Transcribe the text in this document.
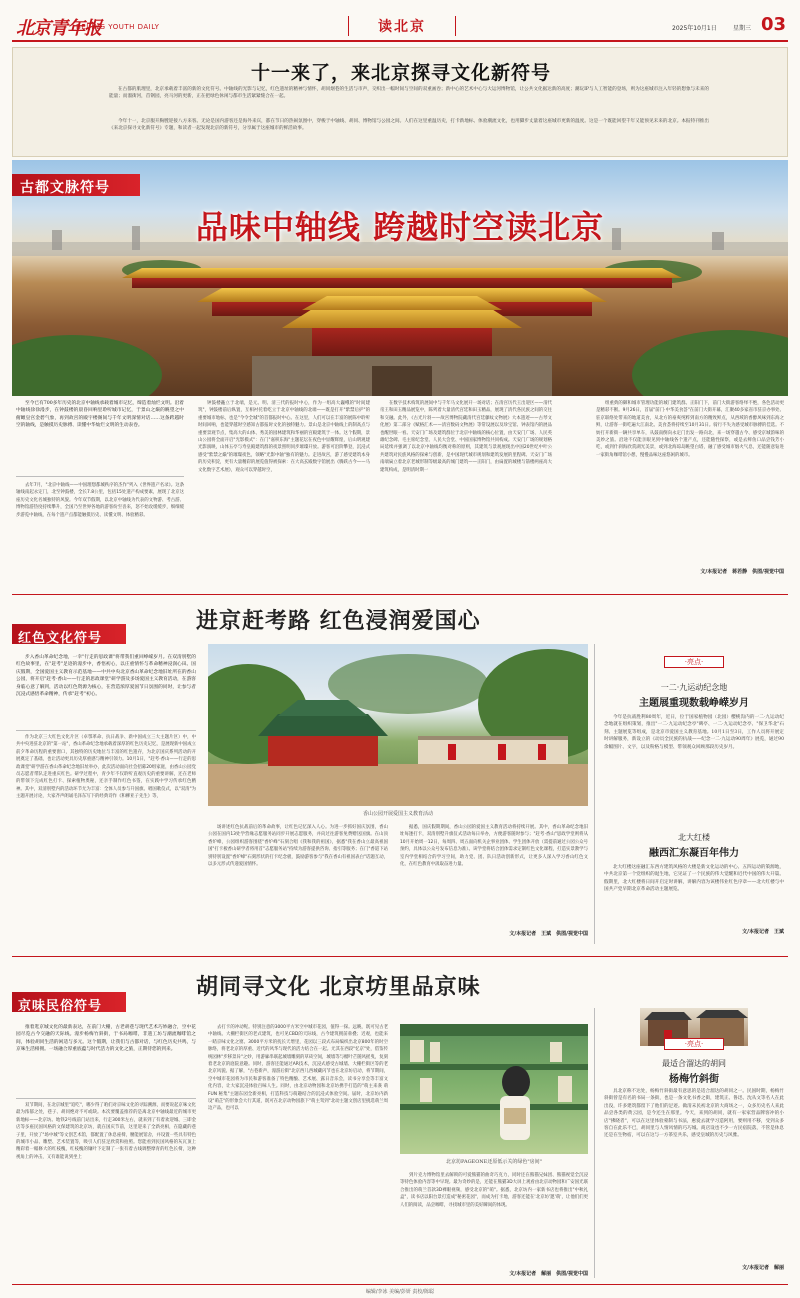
北京青年报
BEIJING YOUTH DAILY	读北京	2025年10月1日	星期三 03
十一来了，来北京探寻文化新符号

在古都的肌理里，北京承载着丰富的新的文化符号。中轴线的光影与记忆，红色遗址的精神与情怀，胡同烟巷的生活与市声，交织出一幅时间与空间的双重画卷；新中心的艺术中心与大运河博物馆，让公共文化据达新的高度；潮玩IP与人工智能的登场，则为这座城市注入年轻的想象与未来的能量；而溜街河，首钢园，亮马河的更新，正在把绿色休闲与都市生活紧紧缝合在一起。

今年十一，北京服开胸膛迎接八方来客。无论是国内游客还是海外来宾，都在节日的热闹氛围中，穿梭于中轴线、胡同、博物馆与公园之间。人们在这里重温历史，打卡新地标、体验潮流文化，也用脚步丈量着这座城市更新的温度。这是一个既能回望千年又能预见未来的北京。本报特刊推出《来北京探寻文化新符号》专题，和读者一起发现北京的新符号，分享属于这座城市的鲜活故事。

古都文脉符号
品味中轴线 跨越时空读北京

至今已有700多年历史的北京中轴线承载着城市记忆，缔造着灿烂文明。沿着中轴线徐徐漫步，在钟鼓楼的晨昏回响里聆听城市记忆，于景山之巅的眺望之中俯瞰皇宫金碧气象，再到故宫的殿宇楼阁间与千年文明深情对话……这条跨越时空的轴线，是触摸历史脉搏、读懂中华灿烂文明的生动表卷。

去年7月，"北京中轴线——中国理想都城秩序的杰作"列入《世界遗产名录》。这条轴线南起永定门，北至钟鼓楼，全长7.8公里，包括15处遗产构成要素，展现了北京这座历史文化名城独特的风貌。今年双节假期，以北京中轴线为代表的文物游、考古游、博物馆游热度持续攀升，全国乃至世界各地的游客纷至沓来，怒不始攻缓缓步，细细缓步游览中轴线，在每个遗产点都能触摸历史、读懂文明、体验精彩。

钟鼓楼矗立于北端，是元、明、清三代的报时中心，作为一组高大巍峨的"时间建筑"，钟鼓楼前后纵置，互相衬托着屹立于北京中轴线的北端——既是打开"紫禁后护"的重要城市地标，也是"今令全城"的首都报时中心。在这里，人们可以在丰富的展陈中聆听时间回响，也能穿越时空感知古都报时文化的独特魅力。景山是北京中轴线上的制高点与重要景观节点，集高大的山体、秀美的园林建筑和华丽的宫殿建筑于一体。这个假期，景山公园将全面开启"光影模式"：在门"嘉积东海"主题花坛在夜色中显耀辉煌，后山明观建光影演映，山体五亭与寿皇殿建筑群的夜景照明同步璀璨开放。游客可沿阶攀登，沉浸式感受"紫禁之巅"的璀璨夜色，领略"光影中轴"独有的魅力。走进故宫，游了感受建筑本身的历史积淀，更有大量精彩的展览值得被探索：在大高玄殿数字馆展出《腾跃古今——马文化数字艺术展》，观众可以穿越时空，

在数字技术构筑的展间中与千年马文化展开一场对话；在清宫历代王出迎区——清代帝王和田玉精品展览中，陈列着大量清代宫廷和田玉精品，展现了清代各民族之间的交往和交融。此外，《古光片羽——故宫博物院藏清代宫廷藤纹文物展》大本遗迹——古琴文化展》第二部分《赋格汇术——清宫数码文物展》等常设展以及珍宝馆、钟表馆内的展品也醒世眼一看。天安门广场及建筑群位于北京中轴线的核心位置，由天安门广场、人民英雄纪念碑、毛主席纪念堂、人民大会堂、中国国家博物馆共同构成。天安门广场的规划格局延续并强调了以北京中轴线均衡对称的原则，其建筑与景观展现出中国20世纪中叶公共建筑对民族风格的探索与创新，是中国现代城市规划和建筑发展的里程碑。天安门广场南端扁立着北京老城形制等级最高的城门建筑——正阳门，由扁置的城楼与箭楼两座高大建筑构成，是明清时期一

组重典的御和城市管理功能的城门建筑群。正阳门下，前门大街游客络绎不绝，各色活动更是精彩不断。9月26日，首届"前门·中华美食荟"在前门大街开幕，汇聚40多家省市驻京办事处、驻京联络处带来的地道美食，从北方的豪爽纯粹到南方的精致鲜点，从西域的香醇风味到东海之鲜，让游客一街吃遍大江南北。美食荟将持续至10月31日。骑行不失为感受城市脉搏的佳选。不妨打开新街一辆共享单车，从鼓南倒向永定门出发一路向北，来一场穿越古今、感受京城韵味的美妙之旅。沿途不仅能亲眼见到中轴线各个遗产点，还能随性探察，或是去鲜鱼口品尝钱芳小吃，或到什刹海欣赏湖光美景，或到北海琼岛眺望白塔，融了感受城市烟火气息，还能随意钻进一家街角咖啡馆小憩，慢慢品味这座悠闲的城市。

文/本报记者　蒋若静　供图/视觉中国
红色文化符号
进京赶考路 红色浸润爱国心

步入香山革命纪念地，一幸"行走的思政课"将带我们重回峥嵘岁月。在双清别墅的红色故事里，在"赶考"足迹的漫步中，香悟初心，以庄重情怀与革命精神浸润心田。国庆假期，全国爱国主义教育示范基地——中共中央北京香山革命纪念地旧址所在的香山公园，将开启"赶考·香山——行走的思政课堂"研学游及多场爱国主义教育活动，在游客身临心意了解到，活动以红色资源为核心，在营造浓厚爱国节日氛围的同时，让参与者沉浸式感悟革命精神，传承"赶考"初心。

作为北京三大红色文化片区（卓鄂革命、抗日战争、新中国成立三大主题片区）中，中共中央进驻北京的"第一站"，香山革命纪念地承载着深厚的红色历史记忆，是展现新中国成立前夕革命历程的重要窗口，其独特的历史地位与丰富的红色遗存，为北京国庆系列活动的开展奠定了基础，也让活动更具历史厚重感与精神引领力。10月1日，"赶考·香山——行走的思政课堂"研学游在香山革命纪念地旧址举办，此次活动面向社会招募20组家庭，由香山公园党员志愿者带队走进重庆红色。研学过程中，青少年不仅聆听直观历史的重要讲解，还在老师的带领下完成红色打卡、探索植物奥秘，还亲手制作红色书签，在实践中学习传承红色精神。其中，双清别墅内的活动环节尤为丰富：全体人员参与升国旗、唱国歌仪式，以"双清"为主题开展讨论，大家齐声朗诵毛泽东写下的经典诗作《和柳亚子先生》等，

香山公园开展爱国主义教育活动

场讲述红色抗战前后的革命故事，让红色记忆深入人心。为进一步抓好国庆氛围，香山公园在国内13处学营缘志愿服务站同步开展志愿服务，并向过往游客免费赠送国旗。在山顶香炉峰，公园组织游客围绕"香炉峰"石刻合唱《我和我的祖国》，据悉"我在香山立最高祖国国"打卡板香山研学者将用首"志愿服务站"持续为游客提供咨询、指引等服务；在门"香道下站别特别设置"香炉峰"石刻形状的打卡纪念板，鼓励游客参与"我在香山有祖国表白"话题互动，以多元形式传递爱国情怀。

据悉，国庆假期期间，香山公园的爱国主义教育活动将持续开展。其中，香山革命纪念地旧址每逢打卡，双清别墅升旗仪式活动每日举办，方便游客随时参与；"赶考·香山"思政学堂则将从10月开始周一12日，每周四、周五面向机关企事业团体、学生团体开放（需提前通过公园公众号预约，具体以公众号发布信息为准）。该学堂将结合团体需求定制红色文化课程，打造实景教学与室内学堂相结合的学习空间，助力党、团、队日活动创新形式，让更多人深入学习香山红色文化，在红色教育中汲取奋进力量。

文/本报记者　王斌　供图/视觉中国
·亮点·
一二·九运动纪念地
主题展重现数载峥嵘岁月

今年是抗战胜利80周年，近日，位于国家植物园（北园）樱桃沟内的一二·九运动纪念地就在组织策划，推出"一二·九运动纪念亭"碑亭、一二·九运动纪念亭、"保卫华北"石刻、主题展览等组成，是北京市爱国主义教育基地。10月1日至3日，工作人员将开展定时讲解服务，新设立的《动员全民族的抗战——纪念一二·九运动90周年》展览，通过90余幅图片、文字，以及粉格与模型、带领观众回顾那段历史岁月。

北大红楼
融西汇东凝百年伟力

北大红楼这座融汇东西方建筑风格的大楼是新文化运动的中心、五四运动的策源地，中共北京第一个党组织的诞生地，它见证了一个民族的伟大觉醒和近代中国的伟大开篇。假期里，北大红楼将日间开启定时讲解，讲解内容为该楼伟业红色序章——北大红楼与中国共产党早期北京革命活动主题展览。

文/本报记者　王斌
京味民俗符号
胡同寻文化 北京坊里品京味

推着逛京城文化的最新表达，在前门大栅，古老胡巷与现代艺术巧妙融合，空中花园尽览古今交融的天际线。漫步杨梅竹斜街，于书局咖啡，非遗工坊与潮流咖啡馆之间，体验胡同生活的闲适与多元。这个假期，让我们与古都对话，与红色历史共鸣，与京味生活相拥。一场融合厚重底蕴与时代活力的文化之旅，正期待您的到来。

双节期间，在北京城里"追吃"，哪少得了咱们对京味文化的寻踪溯源，而要说起京味文化最为浓郁之处，巷子、胡同绝对不可或缺。本次要覆盖推荐的是离北京中轴线最近的城市更新地标——北京坊。地铁2号线前门站出来，行走300米左右，就来到了有着欢迎城、三即金店等多座民国风格的文保建筑的北京坊，就在国庆节前，这里迎来了全新亮相，在隐藏的巷子里，开放了"场中城"等文创艺术馆，都配置了休息座椅，腰能展馆舍，并设置一些具有特色的城市小品、雕塑、艺术装置等，吸引人们驻足欣赏和拍照。您能看到民国风格的灰瓦顶上精彩着一幅修大的红枝槐，红枝槐的镶叶下定制了一张有着古线调整摩育的红色长椅，这种视角上的冲击，又有谁能说到坐上

去打卡的冲动呢。特别注意的3000平方米空中城市花园，值得一探。远眺，既可见古老中轴线、大栅栏街区的老式建筑，也可见CBD的天际线，古今建筑拥前垂叠；近观，也能来一睹京味文化之窗。3000平方米的抚长天增里，花园以三段式布局编织出北京800年的时空脉络，将老北京的厚重、近代的风华与现代的活力结合在一起。尤其在西段"忆京"处，借鉴传统园林"步移景异"之妙，用游廊串联起城墙雕刻的草砖空间，城墙等与榴叶芒随风摇曳，复刻着老北京的庭院意趣。同时，游客还能通过AR技术，沉浸式感受古城墙、大栅栏街区等的老北京风貌。据了解，"古巷新声，漫游后街"北京西儿西城藏闪节也在北京坊启动，将节期间，空中城市花园将为市民和游客准备了特色精酿、艺术展、露日音乐会，读书分享会等丰富文化内容，让大家沉浸体验百味人生。同时，由北京动物园和北京坊携手打造的"萌主来袭 萌FUN 秘集"主题东园全新亮相，打造科技与萌趣结合的沉浸式体验空间。届时，北京坊内新设"萌芷"的形象会大行其道，既可在北京动物园旅下"萌主驾到"北动主题文创店里挑选萌兰周边产品，也可以

北京坊PAGEONE还原低示关的绿色"房间"

到片克力博物馆里去解锁的可爱熊猫的曲奇巧克力，同时还在熊猫兄妹团、熊猫视觉全沉浸等特色体验内容等中早现。最为奇妙的是，还能在熊猫3D大屏上观看由北京动物园和广安国光联合推出的萌兰首款3D裸眼视频，感受北京的"萌"。据悉，北京坊内一家新书店也将推出"中秋礼盒"，读书店以阳台景打造成"秘密花园"，而成为打卡地，游客还能在'北京坊'邀'萌'，让他们们更人们的阅读，品尝咖啡，寻找城市里的美好瞬间的体现。

文/本报记者　解丽　供图/视觉中国
·亮点·
最适合溜达的胡同
杨梅竹斜街

具北京称不达处，杨梅竹斜街最有意思的是适合溜达的胡同之一。民国时期，杨梅竹斜街曾是有名的书局一条街，也是一条文化书香之街，建筑正、鲁迅、沈从文等名人在此出没，许多建筑都留下了他们的足迹。做清末民初北京的大商场之一，众多历史名人来此品尝各类的黄云园，是今还生在那里。今天，来到的胡同，就有一家家营品牌客冲的小店"拂晓者"，可以在这里体验蒙制与书法，惠爱去就学习造阿用，要则用不移，受到众多客自在此乐不已，胡同里与人情风情的巧巧城。商店设也不少一方民宿院落，不管是休息还是在生物宿，可以在这与一方茶室共乐，感受皇城的历史与风雅。

文/本报记者　解丽
编辑/李冰 美编/彭妍 责校/陈聪
